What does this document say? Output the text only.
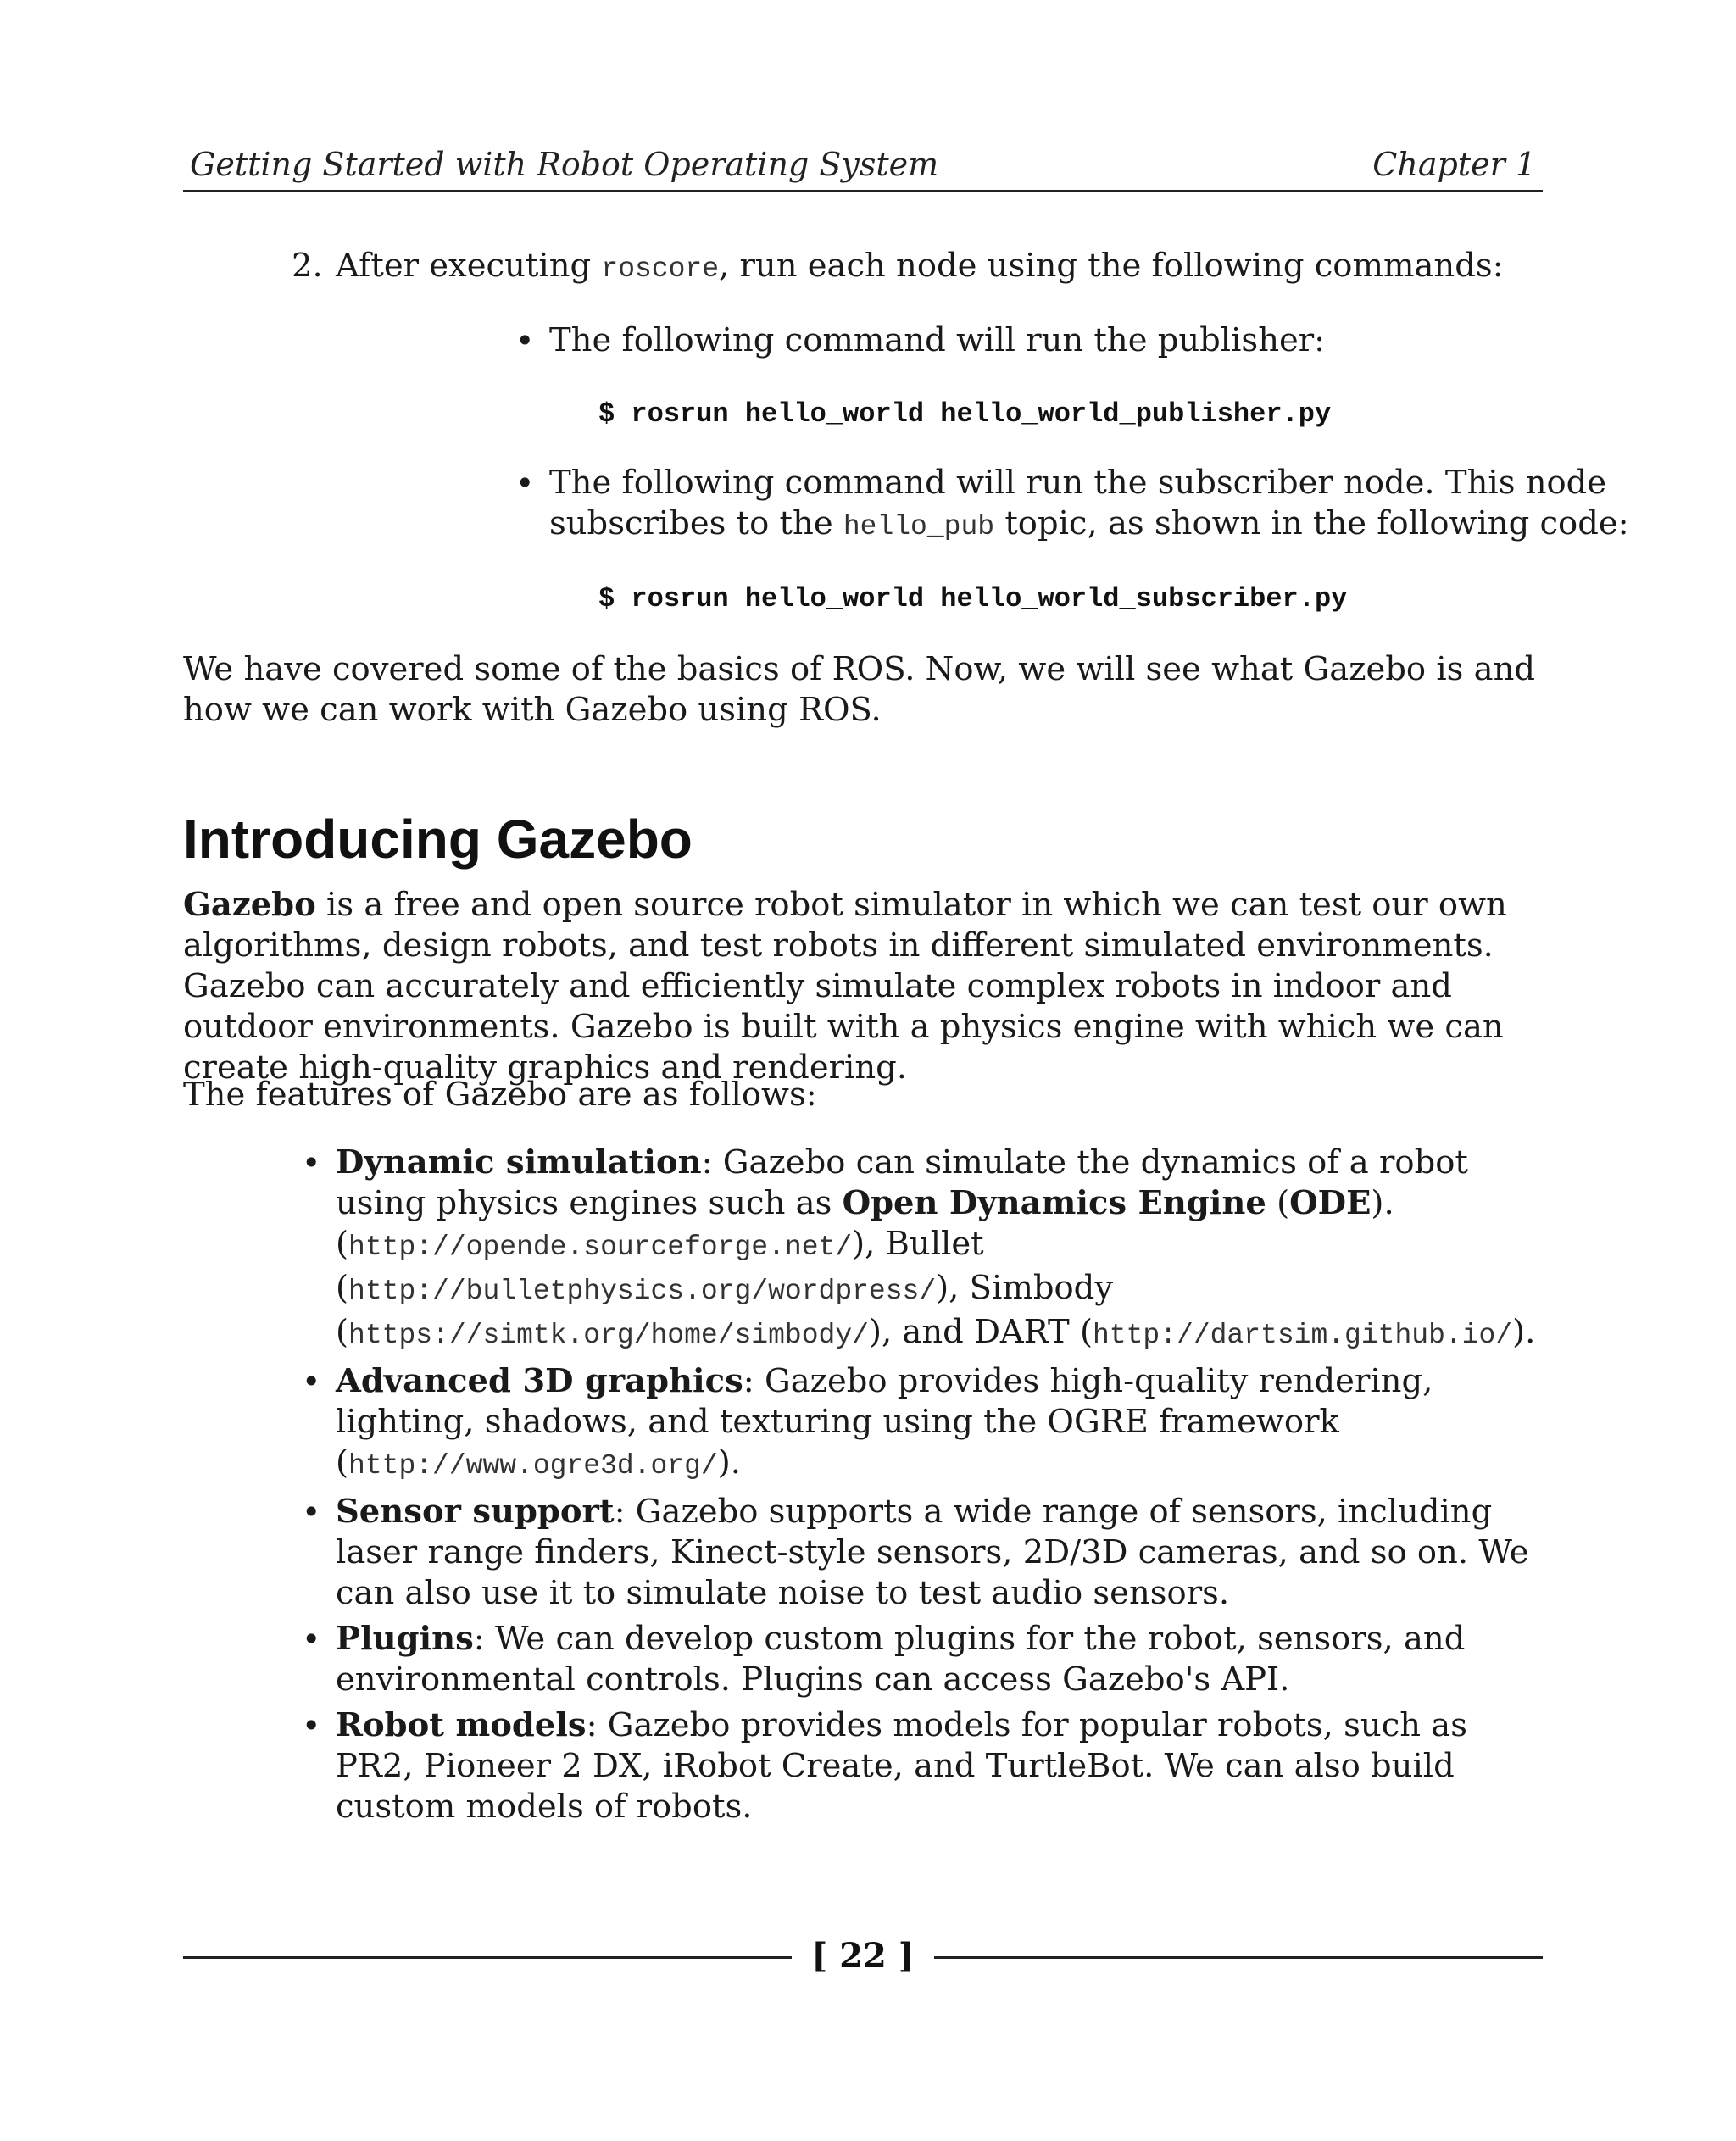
Getting Started with Robot Operating System	Chapter 1
2. After executing roscore, run each node using the following commands:
• The following command will run the publisher:
$ rosrun hello_world hello_world_publisher.py
• The following command will run the subscriber node. This node
subscribes to the hello_pub topic, as shown in the following code:
$ rosrun hello_world hello_world_subscriber.py

We have covered some of the basics of ROS. Now, we will see what Gazebo is and how we can work with Gazebo using ROS.

Introducing Gazebo

Gazebo is a free and open source robot simulator in which we can test our own algorithms, design robots, and test robots in different simulated environments. Gazebo can accurately and efficiently simulate complex robots in indoor and outdoor environments. Gazebo is built with a physics engine with which we can create high-quality graphics and rendering.

The features of Gazebo are as follows:

• Dynamic simulation: Gazebo can simulate the dynamics of a robot using physics engines such as Open Dynamics Engine (ODE). (http://opende.sourceforge.net/), Bullet (http://bulletphysics.org/wordpress/), Simbody (https://simtk.org/home/simbody/), and DART (http://dartsim.github.io/).
• Advanced 3D graphics: Gazebo provides high-quality rendering, lighting, shadows, and texturing using the OGRE framework (http://www.ogre3d.org/).
• Sensor support: Gazebo supports a wide range of sensors, including laser range finders, Kinect-style sensors, 2D/3D cameras, and so on. We can also use it to simulate noise to test audio sensors.
• Plugins: We can develop custom plugins for the robot, sensors, and environmental controls. Plugins can access Gazebo's API.
• Robot models: Gazebo provides models for popular robots, such as PR2, Pioneer 2 DX, iRobot Create, and TurtleBot. We can also build custom models of robots.
[ 22 ]
